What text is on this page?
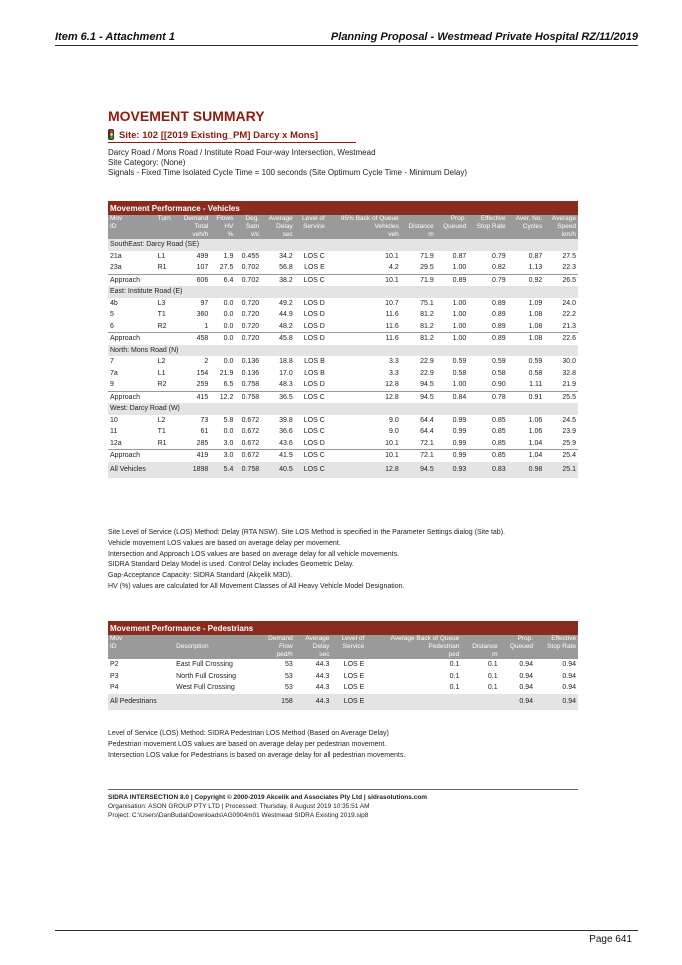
Item 6.1 - Attachment 1	Planning Proposal - Westmead Private Hospital RZ/11/2019
MOVEMENT SUMMARY
Site: 102 [[2019 Existing_PM] Darcy x Mons]
Darcy Road / Mons Road / Institute Road Four-way Intersection, Westmead
Site Category: (None)
Signals - Fixed Time Isolated Cycle Time = 100 seconds (Site Optimum Cycle Time - Minimum Delay)
Movement Performance - Vehicles												
Mov	Turn	Demand	Flows	Deg.	Average	Level of	95% Back of Queue		Prop.	Effective	Aver. No.	Average
ID		Total	HV	Satn	Delay	Service	Vehicles	Distance	Queued	Stop Rate	Cycles	Speed
		veh/h	%	v/c	sec		veh	m				km/h
SouthEast: Darcy Road (SE)												
21a	L1	499	1.9	0.455	34.2	LOS C	10.1	71.9	0.87	0.79	0.87	27.5
23a	R1	107	27.5	0.702	56.8	LOS E	4.2	29.5	1.00	0.82	1.13	22.3
Approach		606	6.4	0.702	38.2	LOS C	10.1	71.9	0.89	0.79	0.92	26.5
East: Institute Road (E)												
4b	L3	97	0.0	0.720	49.2	LOS D	10.7	75.1	1.00	0.89	1.09	24.0
5	T1	360	0.0	0.720	44.9	LOS D	11.6	81.2	1.00	0.89	1.08	22.2
6	R2	1	0.0	0.720	48.2	LOS D	11.6	81.2	1.00	0.89	1.08	21.3
Approach		458	0.0	0.720	45.8	LOS D	11.6	81.2	1.00	0.89	1.08	22.6
North: Mons Road (N)												
7	L2	2	0.0	0.136	18.8	LOS B	3.3	22.9	0.59	0.59	0.59	30.0
7a	L1	154	21.9	0.136	17.0	LOS B	3.3	22.9	0.58	0.58	0.58	32.8
9	R2	259	6.5	0.758	48.3	LOS D	12.8	94.5	1.00	0.90	1.11	21.9
Approach		415	12.2	0.758	36.5	LOS C	12.8	94.5	0.84	0.78	0.91	25.5
West: Darcy Road (W)												
10	L2	73	5.8	0.672	39.8	LOS C	9.0	64.4	0.99	0.85	1.06	24.5
11	T1	61	0.0	0.672	36.6	LOS C	9.0	64.4	0.99	0.85	1.06	23.9
12a	R1	285	3.0	0.672	43.6	LOS D	10.1	72.1	0.99	0.85	1.04	25.9
Approach		419	3.0	0.672	41.9	LOS C	10.1	72.1	0.99	0.85	1.04	25.4
All Vehicles		1898	5.4	0.758	40.5	LOS C	12.8	94.5	0.93	0.83	0.98	25.1
Site Level of Service (LOS) Method: Delay (RTA NSW). Site LOS Method is specified in the Parameter Settings dialog (Site tab).
Vehicle movement LOS values are based on average delay per movement.
Intersection and Approach LOS values are based on average delay for all vehicle movements.
SIDRA Standard Delay Model is used. Control Delay includes Geometric Delay.
Gap-Acceptance Capacity: SIDRA Standard (Akçelik M3D).
HV (%) values are calculated for All Movement Classes of All Heavy Vehicle Model Designation.
Movement Performance - Pedestrians								
Mov		Demand	Average	Level of	Average Back of Queue		Prop.	Effective
ID	Description	Flow	Delay	Service	Pedestrian	Distance	Queued	Stop Rate
		ped/h	sec		ped	m		
P2	East Full Crossing	53	44.3	LOS E	0.1	0.1	0.94	0.94
P3	North Full Crossing	53	44.3	LOS E	0.1	0.1	0.94	0.94
P4	West Full Crossing	53	44.3	LOS E	0.1	0.1	0.94	0.94
All Pedestrians		158	44.3	LOS E			0.94	0.94
Level of Service (LOS) Method: SIDRA Pedestrian LOS Method (Based on Average Delay)
Pedestrian movement LOS values are based on average delay per pedestrian movement.
Intersection LOS value for Pedestrians is based on average delay for all pedestrian movements.
SIDRA INTERSECTION 8.0 | Copyright © 2000-2019 Akcelik and Associates Pty Ltd | sidrasolutions.com
Organisation: ASON GROUP PTY LTD | Processed: Thursday, 8 August 2019 10:35:51 AM
Project: C:\Users\DanBudai\Downloads\AG0904m01 Westmead SIDRA Existing 2019.sip8
Page 641
